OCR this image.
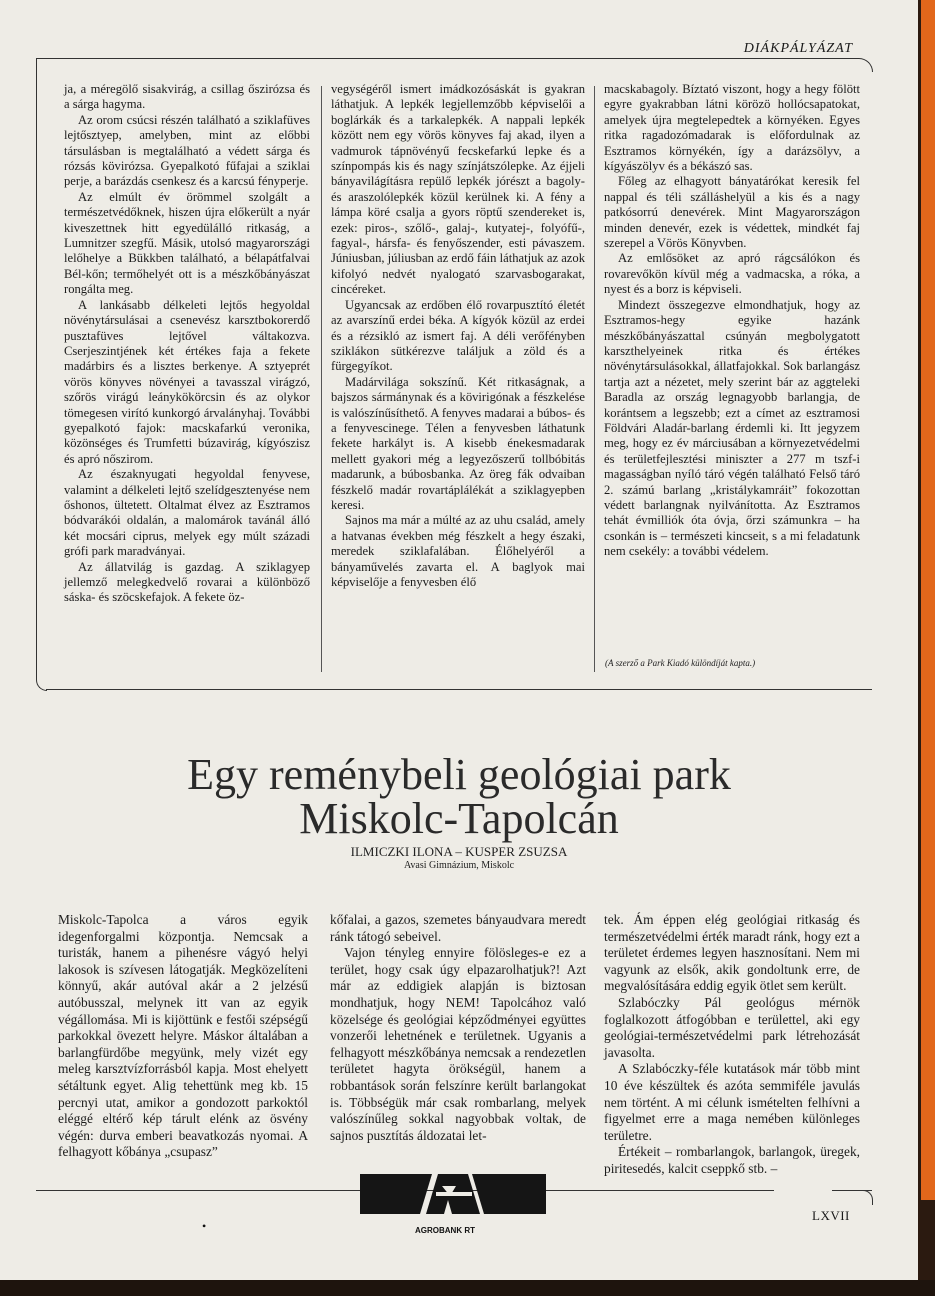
DIÁKPÁLYÁZAT

ja, a méregölő sisakvirág, a csillag őszirózsa és a sárga hagyma.

Az orom csúcsi részén található a sziklafüves lejtősztyep, amelyben, mint az előbbi társulásban is megtalálható a védett sárga és rózsás kövirózsa. Gyepalkotó fűfajai a sziklai perje, a barázdás csenkesz és a karcsú fényperje.

Az elmúlt év örömmel szolgált a természetvédőknek, hiszen újra előkerült a nyár kiveszettnek hitt egyedülálló ritkaság, a Lumnitzer szegfű. Másik, utolsó magyarországi lelőhelye a Bükkben található, a bélapátfalvai Bél-kőn; termőhelyét ott is a mészkőbányászat rongálta meg.

A lankásabb délkeleti lejtős hegyoldal növénytársulásai a csenevész karsztbokorerdő pusztafüves lejtővel váltakozva. Cserjeszintjének két értékes faja a fekete madárbirs és a lisztes berkenye. A sztyeprét vörös könyves növényei a tavasszal virágzó, szőrös virágú leánykökörcsin és az olykor tömegesen virító kunkorgó árvalányhaj. További gyepalkotó fajok: macskafarkú veronika, közönséges és Trumfetti búzavirág, kígyószisz és apró nőszirom.

Az északnyugati hegyoldal fenyvese, valamint a délkeleti lejtő szelídgesztenyése nem őshonos, ültetett. Oltalmat élvez az Esztramos bódvarákói oldalán, a malomárok tavánál álló két mocsári ciprus, melyek egy múlt századi grófi park maradványai.

Az állatvilág is gazdag. A sziklagyep jellemző melegkedvelő rovarai a különböző sáska- és szöcskefajok. A fekete öz-

vegységéről ismert imádkozósáskát is gyakran láthatjuk. A lepkék legjellemzőbb képviselői a boglárkák és a tarkalepkék. A nappali lepkék között nem egy vörös könyves faj akad, ilyen a vadmurok tápnövényű fecskefarkú lepke és a színpompás kis és nagy színjátszólepke. Az éjjeli bányavilágításra repülő lepkék jórészt a bagoly- és araszolólepkék közül kerülnek ki. A fény a lámpa köré csalja a gyors röptű szendereket is, ezek: piros-, szőlő-, galaj-, kutyatej-, folyófű-, fagyal-, hársfa- és fenyőszender, esti pávaszem. Júniusban, júliusban az erdő fáin láthatjuk az azok kifolyó nedvét nyalogató szarvasbogarakat, cincéreket.

Ugyancsak az erdőben élő rovarpusztító életét az avarszínű erdei béka. A kígyók közül az erdei és a rézsikló az ismert faj. A déli verőfényben sziklákon sütkérezve találjuk a zöld és a fürgegyíkot.

Madárvilága sokszínű. Két ritkaságnak, a bajszos sármánynak és a kövirigónak a fészkelése is valószínűsíthető. A fenyves madarai a búbos- és a fenyvescinege. Télen a fenyvesben láthatunk fekete harkályt is. A kisebb énekesmadarak mellett gyakori még a legyezőszerű tollbóbitás madarunk, a búbosbanka. Az öreg fák odvaiban fészkelő madár rovartáplálékát a sziklagyepben keresi.

Sajnos ma már a múlté az az uhu család, amely a hatvanas években még fészkelt a hegy északi, meredek sziklafalában. Élőhelyéről a bányaművelés zavarta el. A baglyok mai képviselője a fenyvesben élő

macskabagoly. Bíztató viszont, hogy a hegy fölött egyre gyakrabban látni körözö hollócsapatokat, amelyek újra megtelepedtek a környéken. Egyes ritka ragadozómadarak is előfordulnak az Esztramos környékén, így a darázsölyv, a kígyászölyv és a békászó sas.

Főleg az elhagyott bányatárókat keresik fel nappal és téli szálláshelyül a kis és a nagy patkósorrú denevérek. Mint Magyarországon minden denevér, ezek is védettek, mindkét faj szerepel a Vörös Könyvben.

Az emlősöket az apró rágcsálókon és rovarevőkön kívül még a vadmacska, a róka, a nyest és a borz is képviseli.

Mindezt összegezve elmondhatjuk, hogy az Esztramos-hegy egyike hazánk mészkőbányászattal csúnyán megbolygatott karszthelyeinek ritka és értékes növénytársulásokkal, állatfajokkal. Sok barlangász tartja azt a nézetet, mely szerint bár az aggteleki Baradla az ország legnagyobb barlangja, de korántsem a legszebb; ezt a címet az esztramosi Földvári Aladár-barlang érdemli ki. Itt jegyzem meg, hogy ez év márciusában a környezetvédelmi és területfejlesztési miniszter a 277 m tszf-i magasságban nyíló táró végén található Felső táró 2. számú barlang „kristálykamráit” fokozottan védett barlangnak nyilvánította. Az Esztramos tehát évmilliók óta óvja, őrzi számunkra – ha csonkán is – természeti kincseit, s a mi feladatunk nem csekély: a további védelem.

(A szerző a Park Kiadó különdíját kapta.)
Egy reménybeli geológiai park
Miskolc-Tapolcán
ILMICZKI ILONA – KUSPER ZSUZSA
Avasi Gimnázium, Miskolc

Miskolc-Tapolca a város egyik idegenforgalmi központja. Nemcsak a turisták, hanem a pihenésre vágyó helyi lakosok is szívesen látogatják. Megközelíteni könnyű, akár autóval akár a 2 jelzésű autóbusszal, melynek itt van az egyik végállomása. Mi is kijöttünk e festői szépségű parkokkal övezett helyre. Máskor általában a barlangfürdőbe megyünk, mely vizét egy meleg karsztvízforrásból kapja. Most ehelyett sétáltunk egyet. Alig tehettünk meg kb. 15 percnyi utat, amikor a gondozott parkoktól eléggé eltérő kép tárult elénk az ösvény végén: durva emberi beavatkozás nyomai. A felhagyott kőbánya „csupasz”

kőfalai, a gazos, szemetes bányaudvara meredt ránk tátogó sebeivel.

Vajon tényleg ennyire fölösleges-e ez a terület, hogy csak úgy elpazarolhatjuk?! Azt már az eddigiek alapján is biztosan mondhatjuk, hogy NEM! Tapolcához való közelsége és geológiai képződményei együttes vonzerői lehetnének e területnek. Ugyanis a felhagyott mészkőbánya nemcsak a rendezetlen területet hagyta örökségül, hanem a robbantások során felszínre került barlangokat is. Többségük már csak rombarlang, melyek valószínűleg sokkal nagyobbak voltak, de sajnos pusztítás áldozatai let-

tek. Ám éppen elég geológiai ritkaság és természetvédelmi érték maradt ránk, hogy ezt a területet érdemes legyen hasznosítani. Nem mi vagyunk az elsők, akik gondoltunk erre, de megvalósítására eddig egyik ötlet sem került.

Szlabóczky Pál geológus mérnök foglalkozott átfogóbban e területtel, aki egy geológiai-természetvédelmi park létrehozását javasolta.

A Szlabóczky-féle kutatások már több mint 10 éve készültek és azóta semmiféle javulás nem történt. A mi célunk ismételten felhívni a figyelmet erre a maga nemében különleges területre.

Értékeit – rombarlangok, barlangok, üregek, piritesedés, kalcit cseppkő stb. –

AGROBANK RT
•
LXVII
